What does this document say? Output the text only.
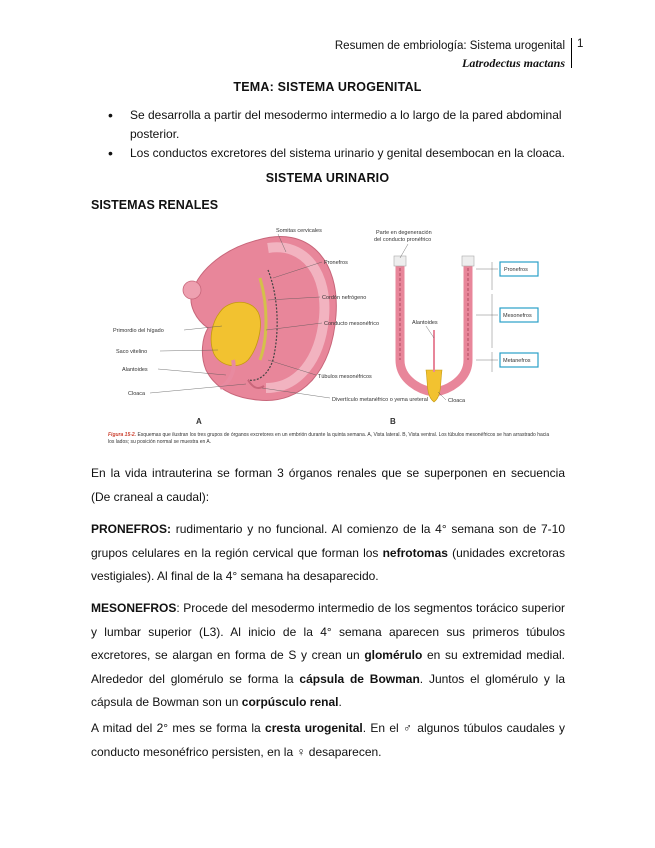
Resumen de embriología: Sistema urogenital
Latrodectus mactans
1
TEMA: SISTEMA UROGENITAL
• Se desarrolla a partir del mesodermo intermedio a lo largo de la pared abdominal posterior.
• Los conductos excretores del sistema urinario y genital desembocan en la cloaca.
SISTEMA URINARIO
SISTEMAS RENALES
Somitas cervicales
Pronefros
Cordón nefrógeno
Conducto mesonéfrico
Primordio del hígado
Saco vitelino
Alantoides
Túbulos mesonéfricos
Cloaca
Divertículo metanéfrico o yema ureteral
A
Parte en degeneración
del conducto pronéfrico
Alantoides
Cloaca
Pronefros
Mesonefros
Metanefros
B
Figura 15-2. Esquemas que ilustran los tres grupos de órganos excretores en un embrión durante la quinta semana. A, Vista lateral. B, Vista ventral. Los túbulos mesonéfricos se han arrastrado hacia los lados; su posición normal se muestra en A.
En la vida intrauterina se forman 3 órganos renales que se superponen en secuencia (De craneal a caudal):
PRONEFROS: rudimentario y no funcional. Al comienzo de la 4° semana son de 7-10 grupos celulares en la región cervical que forman los nefrotomas (unidades excretoras vestigiales). Al final de la 4° semana ha desaparecido.
MESONEFROS: Procede del mesodermo intermedio de los segmentos torácico superior y lumbar superior (L3). Al inicio de la 4° semana aparecen sus primeros túbulos excretores, se alargan en forma de S y crean un glomérulo en su extremidad medial. Alrededor del glomérulo se forma la cápsula de Bowman. Juntos el glomérulo y la cápsula de Bowman son un corpúsculo renal.
A mitad del 2° mes se forma la cresta urogenital. En el ♂ algunos túbulos caudales y conducto mesonéfrico persisten, en la ♀ desaparecen.
